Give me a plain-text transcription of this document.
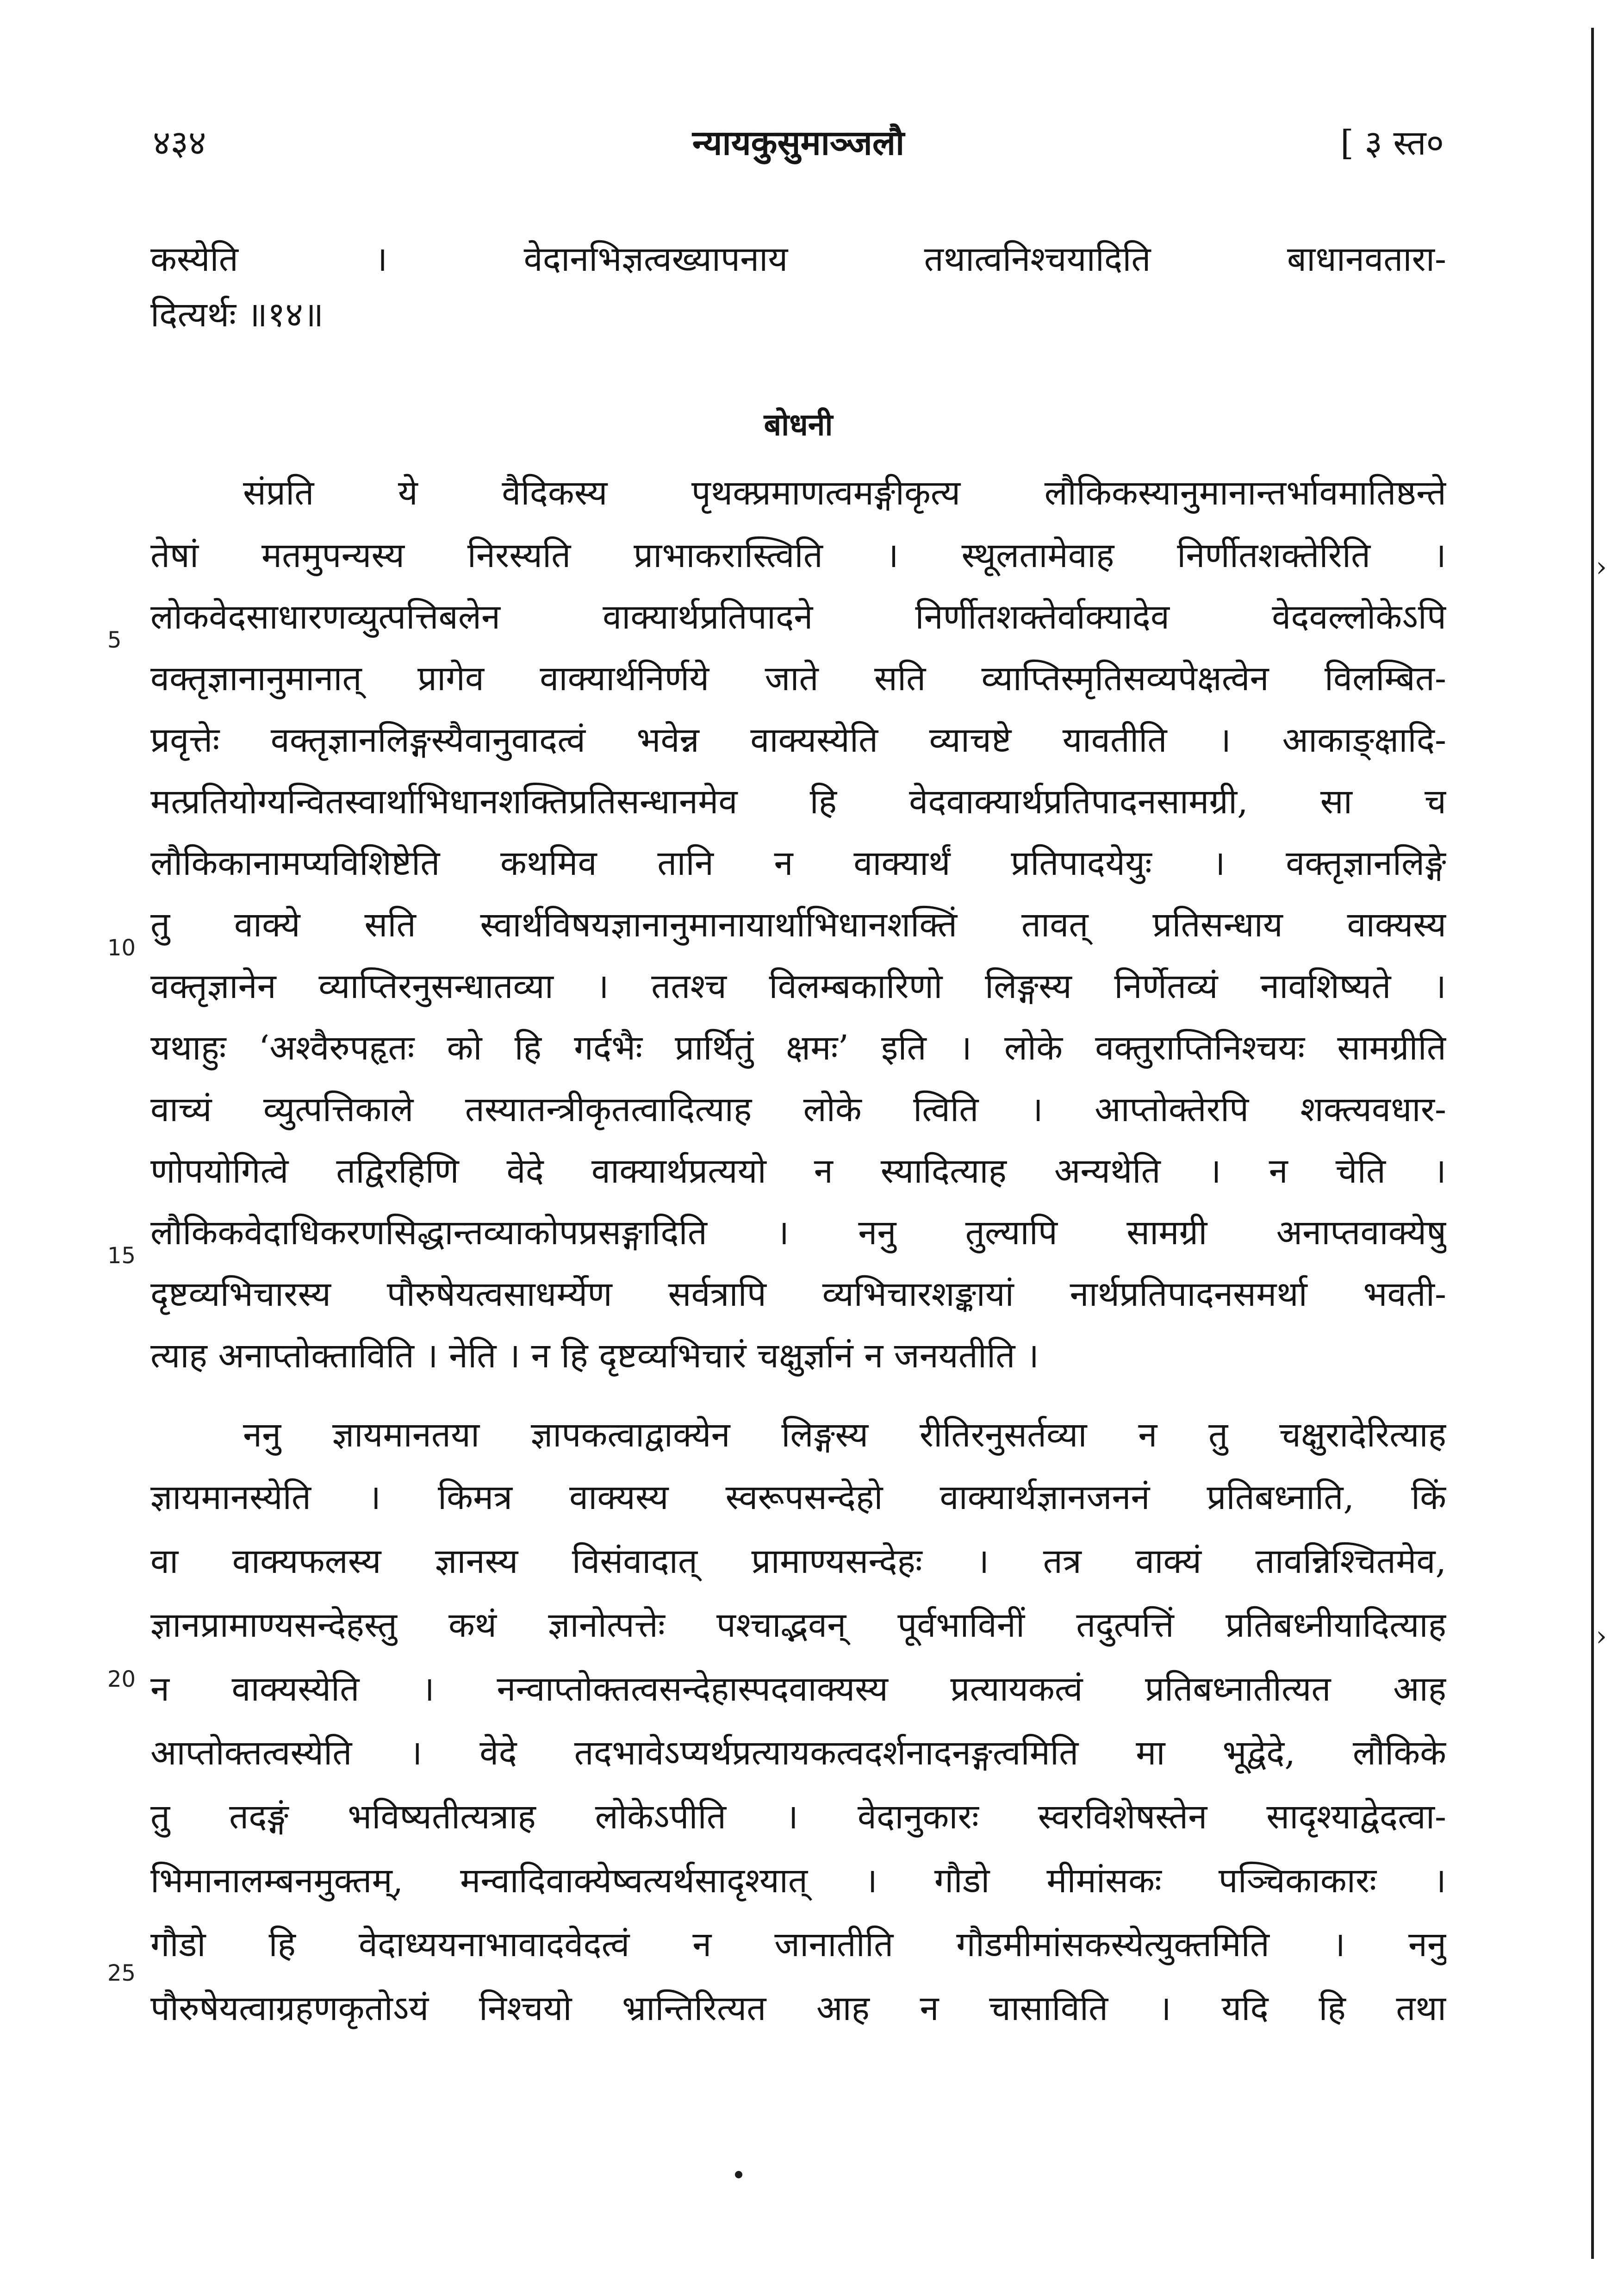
४३४	न्यायकुसुमाञ्जलौ	[ ३ स्त०
कस्येति । वेदानभिज्ञत्वख्यापनाय तथात्वनिश्चयादिति बाधानवतारा-
दित्यर्थः ॥१४॥
बोधनी
संप्रति ये वैदिकस्य पृथक्प्रमाणत्वमङ्गीकृत्य लौकिकस्यानुमानान्तर्भावमातिष्ठन्ते
तेषां मतमुपन्यस्य निरस्यति प्राभाकरास्त्विति । स्थूलतामेवाह निर्णीतशक्तेरिति ।
लोकवेदसाधारणव्युत्पत्तिबलेन वाक्यार्थप्रतिपादने निर्णीतशक्तेर्वाक्यादेव वेदवल्लोकेऽपि
वक्तृज्ञानानुमानात् प्रागेव वाक्यार्थनिर्णये जाते सति व्याप्तिस्मृतिसव्यपेक्षत्वेन विलम्बित-
प्रवृत्तेः वक्तृज्ञानलिङ्गस्यैवानुवादत्वं भवेन्न वाक्यस्येति व्याचष्टे यावतीति । आकाङ्क्षादि-
मत्प्रतियोग्यन्वितस्वार्थाभिधानशक्तिप्रतिसन्धानमेव हि वेदवाक्यार्थप्रतिपादनसामग्री, सा च
लौकिकानामप्यविशिष्टेति कथमिव तानि न वाक्यार्थं प्रतिपादयेयुः । वक्तृज्ञानलिङ्गे
तु वाक्ये सति स्वार्थविषयज्ञानानुमानायार्थाभिधानशक्तिं तावत् प्रतिसन्धाय वाक्यस्य
वक्तृज्ञानेन व्याप्तिरनुसन्धातव्या । ततश्च विलम्बकारिणो लिङ्गस्य निर्णेतव्यं नावशिष्यते ।
यथाहुः ‘अश्वैरुपहृतः को हि गर्दभैः प्रार्थितुं क्षमः’ इति । लोके वक्तुराप्तिनिश्चयः सामग्रीति
वाच्यं व्युत्पत्तिकाले तस्यातन्त्रीकृतत्वादित्याह लोके त्विति । आप्तोक्तेरपि शक्त्यवधार-
णोपयोगित्वे तद्विरहिणि वेदे वाक्यार्थप्रत्ययो न स्यादित्याह अन्यथेति । न चेति ।
लौकिकवेदाधिकरणसिद्धान्तव्याकोपप्रसङ्गादिति । ननु तुल्यापि सामग्री अनाप्तवाक्येषु
दृष्टव्यभिचारस्य पौरुषेयत्वसाधर्म्येण सर्वत्रापि व्यभिचारशङ्कायां नार्थप्रतिपादनसमर्था भवती-
त्याह अनाप्तोक्ताविति । नेति । न हि दृष्टव्यभिचारं चक्षुर्ज्ञानं न जनयतीति ।
ननु ज्ञायमानतया ज्ञापकत्वाद्वाक्येन लिङ्गस्य रीतिरनुसर्तव्या न तु चक्षुरादेरित्याह
ज्ञायमानस्येति । किमत्र वाक्यस्य स्वरूपसन्देहो वाक्यार्थज्ञानजननं प्रतिबध्नाति, किं
वा वाक्यफलस्य ज्ञानस्य विसंवादात् प्रामाण्यसन्देहः । तत्र वाक्यं तावन्निश्चितमेव,
ज्ञानप्रामाण्यसन्देहस्तु कथं ज्ञानोत्पत्तेः पश्चाद्भवन् पूर्वभाविनीं तदुत्पत्तिं प्रतिबध्नीयादित्याह
न वाक्यस्येति । नन्वाप्तोक्तत्वसन्देहास्पदवाक्यस्य प्रत्यायकत्वं प्रतिबध्नातीत्यत आह
आप्तोक्तत्वस्येति । वेदे तदभावेऽप्यर्थप्रत्यायकत्वदर्शनादनङ्गत्वमिति मा भूद्वेदे, लौकिके
तु तदङ्गं भविष्यतीत्यत्राह लोकेऽपीति । वेदानुकारः स्वरविशेषस्तेन सादृश्याद्वेदत्वा-
भिमानालम्बनमुक्तम्, मन्वादिवाक्येष्वत्यर्थसादृश्यात् । गौडो मीमांसकः पञ्चिकाकारः ।
गौडो हि वेदाध्ययनाभावादवेदत्वं न जानातीति गौडमीमांसकस्येत्युक्तमिति । ननु
पौरुषेयत्वाग्रहणकृतोऽयं निश्चयो भ्रान्तिरित्यत आह न चासाविति । यदि हि तथा
5
10
15
20
25
›
›
